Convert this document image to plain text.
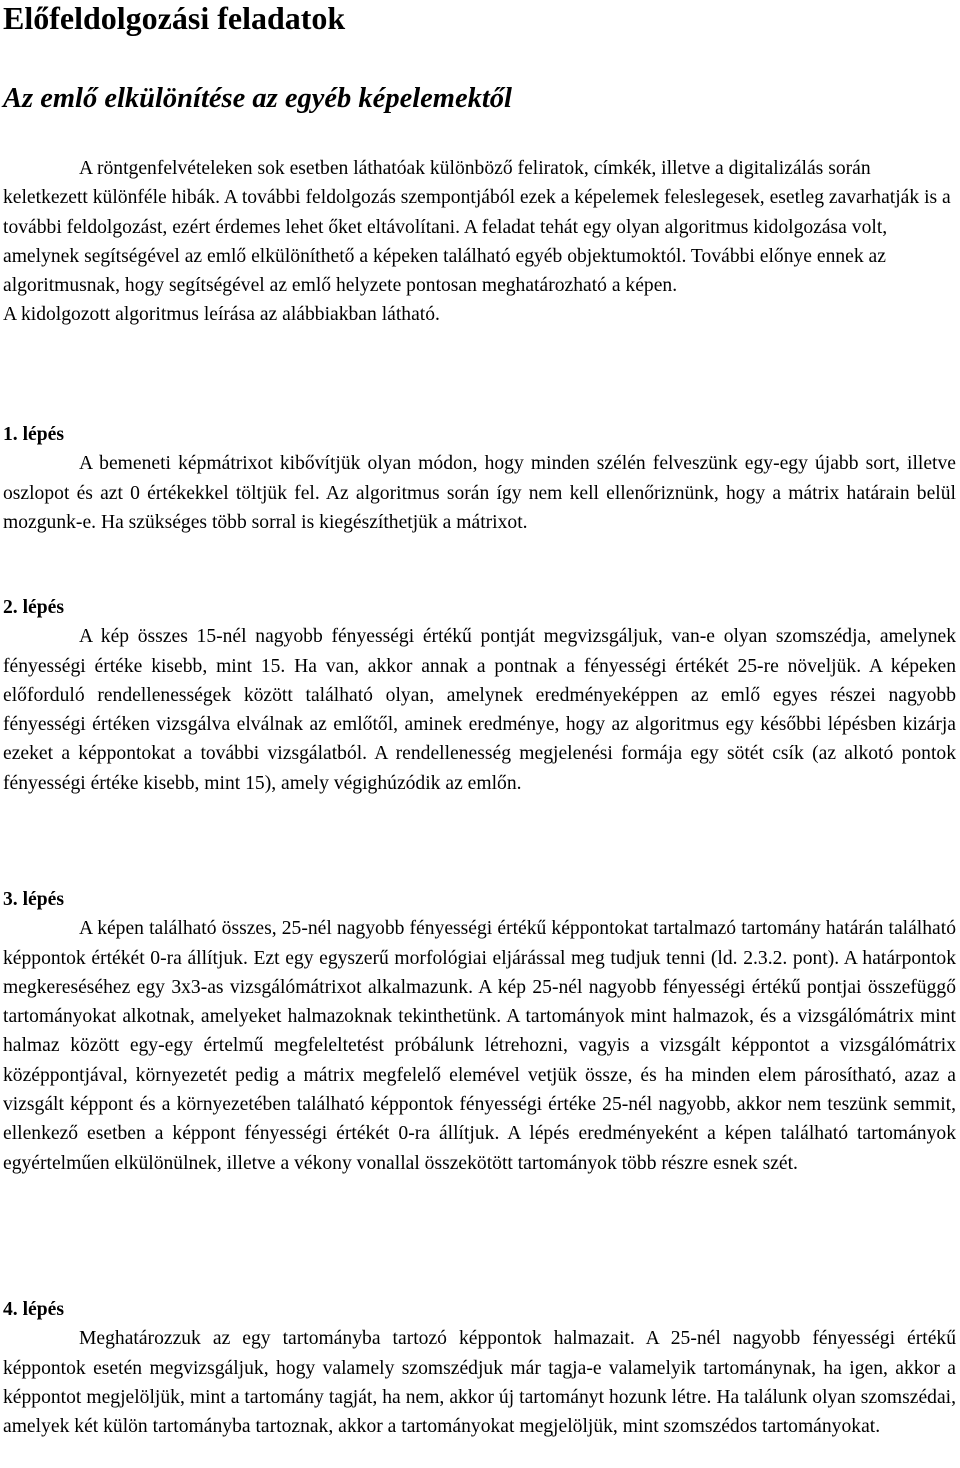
Előfeldolgozási feladatok
Az emlő elkülönítése az egyéb képelemektől

A röntgenfelvételeken sok esetben láthatóak különböző feliratok, címkék, illetve a digitalizálás során keletkezett különféle hibák. A további feldolgozás szempontjából ezek a képelemek feleslegesek, esetleg zavarhatják is a további feldolgozást, ezért érdemes lehet őket eltávolítani. A feladat tehát egy olyan algoritmus kidolgozása volt, amelynek segítségével az emlő elkülöníthető a képeken található egyéb objektumoktól. További előnye ennek az algoritmusnak, hogy segítségével az emlő helyzete pontosan meghatározható a képen.

A kidolgozott algoritmus leírása az alábbiakban látható.

1. lépés

A bemeneti képmátrixot kibővítjük olyan módon, hogy minden szélén felveszünk egy-egy újabb sort, illetve oszlopot és azt 0 értékekkel töltjük fel. Az algoritmus során így nem kell ellenőriznünk, hogy a mátrix határain belül mozgunk-e. Ha szükséges több sorral is kiegészíthetjük a mátrixot.

2. lépés

A kép összes 15-nél nagyobb fényességi értékű pontját megvizsgáljuk, van-e olyan szomszédja, amelynek fényességi értéke kisebb, mint 15. Ha van, akkor annak a pontnak a fényességi értékét 25-re növeljük. A képeken előforduló rendellenességek között található olyan, amelynek eredményeképpen az emlő egyes részei nagyobb fényességi értéken vizsgálva elválnak az emlőtől, aminek eredménye, hogy az algoritmus egy későbbi lépésben kizárja ezeket a képpontokat a további vizsgálatból. A rendellenesség megjelenési formája egy sötét csík (az alkotó pontok fényességi értéke kisebb, mint 15), amely végighúzódik az emlőn.

3. lépés

A képen található összes, 25-nél nagyobb fényességi értékű képpontokat tartalmazó tartomány határán található képpontok értékét 0-ra állítjuk. Ezt egy egyszerű morfológiai eljárással meg tudjuk tenni (ld. 2.3.2. pont). A határpontok megkereséséhez egy 3x3-as vizsgálómátrixot alkalmazunk. A kép 25-nél nagyobb fényességi értékű pontjai összefüggő tartományokat alkotnak, amelyeket halmazoknak tekinthetünk. A tartományok mint halmazok, és a vizsgálómátrix mint halmaz között egy-egy értelmű megfeleltetést próbálunk létrehozni, vagyis a vizsgált képpontot a vizsgálómátrix középpontjával, környezetét pedig a mátrix megfelelő elemével vetjük össze, és ha minden elem párosítható, azaz a vizsgált képpont és a környezetében található képpontok fényességi értéke 25-nél nagyobb, akkor nem teszünk semmit, ellenkező esetben a képpont fényességi értékét 0-ra állítjuk. A lépés eredményeként a képen található tartományok egyértelműen elkülönülnek, illetve a vékony vonallal összekötött tartományok több részre esnek szét.

4. lépés

Meghatározzuk az egy tartományba tartozó képpontok halmazait. A 25-nél nagyobb fényességi értékű képpontok esetén megvizsgáljuk, hogy valamely szomszédjuk már tagja-e valamelyik tartománynak, ha igen, akkor a képpontot megjelöljük, mint a tartomány tagját, ha nem, akkor új tartományt hozunk létre. Ha találunk olyan szomszédai, amelyek két külön tartományba tartoznak, akkor a tartományokat megjelöljük, mint szomszédos tartományokat.
